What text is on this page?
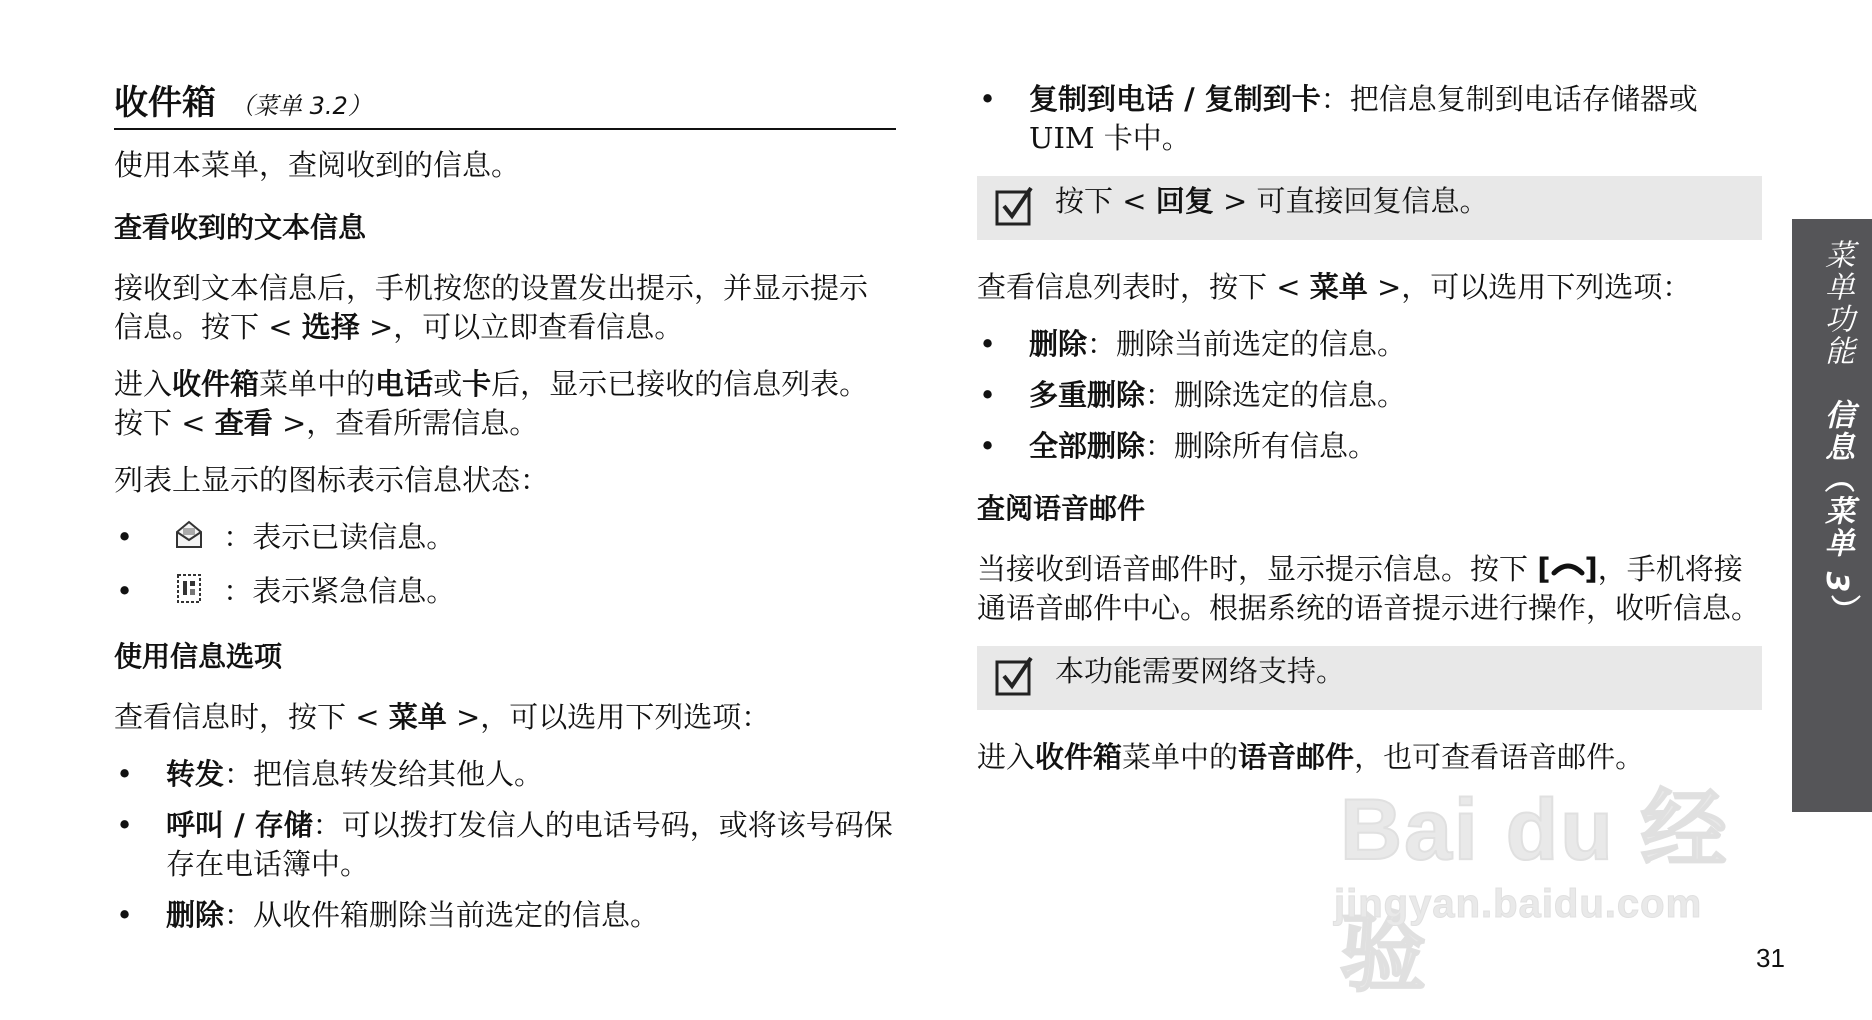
收件箱 （菜单 3.2）
使用本菜单，查阅收到的信息。
查看收到的文本信息
接收到文本信息后，手机按您的设置发出提示，并显示提示信息。按下 < 选择 >，可以立即查看信息。
进入收件箱菜单中的电话或卡后，显示已接收的信息列表。按下 < 查看 >，查看所需信息。
列表上显示的图标表示信息状态：
•	：表示已读信息。
•	：表示紧急信息。
使用信息选项
查看信息时，按下 < 菜单 >，可以选用下列选项：
• 转发：把信息转发给其他人。
• 呼叫 / 存储：可以拨打发信人的电话号码，或将该号码保存在电话簿中。
• 删除：从收件箱删除当前选定的信息。
• 复制到电话 / 复制到卡：把信息复制到电话存储器或 UIM 卡中。
按下 < 回复 > 可直接回复信息。
查看信息列表时，按下 < 菜单 >，可以选用下列选项：
• 删除：删除当前选定的信息。
• 多重删除：删除选定的信息。
• 全部删除：删除所有信息。
查阅语音邮件
当接收到语音邮件时，显示提示信息。按下 [ ]，手机将接通语音邮件中心。根据系统的语音提示进行操作，收听信息。
本功能需要网络支持。
进入收件箱菜单中的语音邮件，也可查看语音邮件。
菜单功能　信息（菜单 3）
Bai du 经验
jingyan.baidu.com
31
